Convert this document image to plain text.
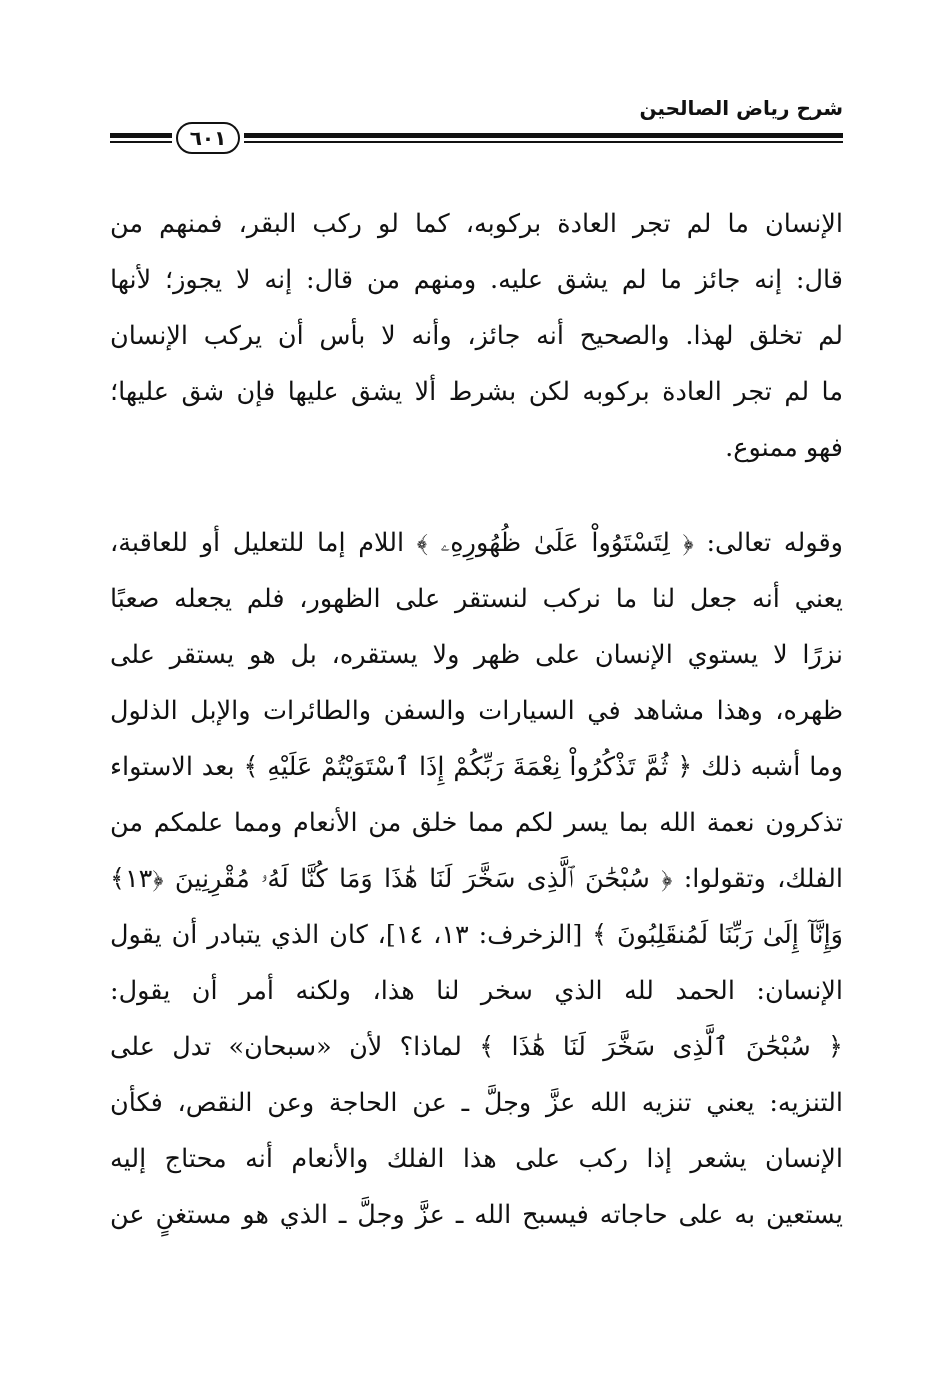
شرح رياض الصالحين
٦٠١
الإنسان ما لم تجر العادة بركوبه، كما لو ركب البقر، فمنهم من
قال: إنه جائز ما لم يشق عليه. ومنهم من قال: إنه لا يجوز؛ لأنها
لم تخلق لهذا. والصحيح أنه جائز، وأنه لا بأس أن يركب الإنسان
ما لم تجر العادة بركوبه لكن بشرط ألا يشق عليها فإن شق عليها؛
فهو ممنوع.
وقوله تعالى: ﴿ لِتَسْتَوُواْ عَلَىٰ ظُهُورِهِۦ ﴾ اللام إما للتعليل أو للعاقبة،
يعني أنه جعل لنا ما نركب لنستقر على الظهور، فلم يجعله صعبًا
نزرًا لا يستوي الإنسان على ظهر ولا يستقره، بل هو يستقر على
ظهره، وهذا مشاهد في السيارات والسفن والطائرات والإبل الذلول
وما أشبه ذلك ﴿ ثُمَّ تَذْكُرُواْ نِعْمَةَ رَبِّكُمْ إِذَا ٱسْتَوَيْتُمْ عَلَيْهِ ﴾ بعد الاستواء
تذكرون نعمة الله بما يسر لكم مما خلق من الأنعام ومما علمكم من
الفلك، وتقولوا: ﴿ سُبْحَٰنَ ٱلَّذِى سَخَّرَ لَنَا هَٰذَا وَمَا كُنَّا لَهُۥ مُقْرِنِينَ ﴿١٣﴾
وَإِنَّآ إِلَىٰ رَبِّنَا لَمُنقَلِبُونَ ﴾ [الزخرف: ١٣، ١٤]، كان الذي يتبادر أن يقول
الإنسان: الحمد لله الذي سخر لنا هذا، ولكنه أمر أن يقول:
﴿ سُبْحَٰنَ ٱلَّذِى سَخَّرَ لَنَا هَٰذَا ﴾ لماذا؟ لأن «سبحان» تدل على
التنزيه: يعني تنزيه الله عزَّ وجلَّ ـ عن الحاجة وعن النقص، فكأن
الإنسان يشعر إذا ركب على هذا الفلك والأنعام أنه محتاج إليه
يستعين به على حاجاته فيسبح الله ـ عزَّ وجلَّ ـ الذي هو مستغنٍ عن
